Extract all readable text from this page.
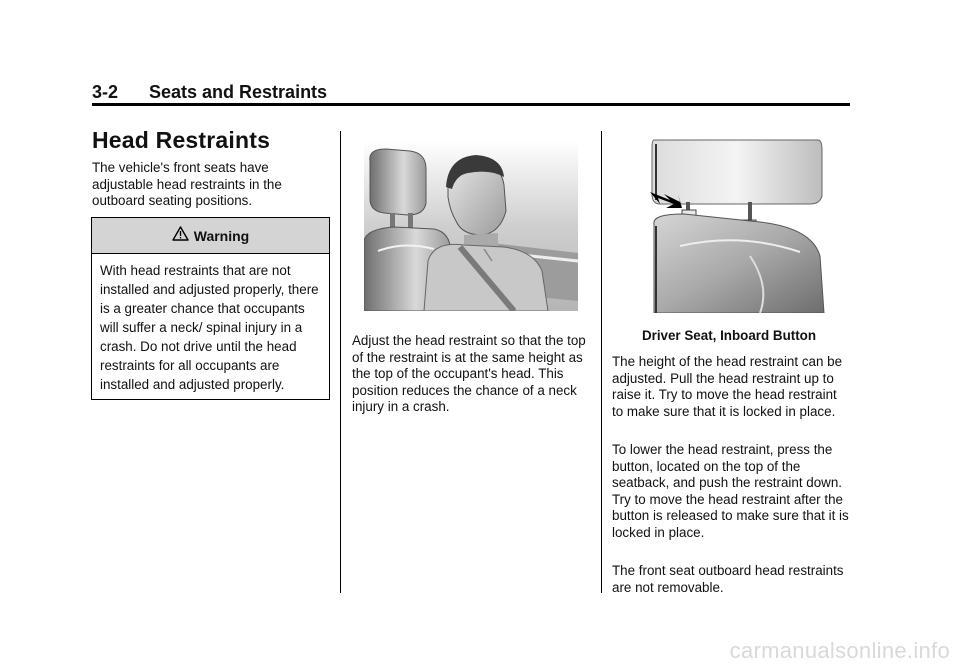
3-2 Seats and Restraints
Head Restraints
The vehicle's front seats have adjustable head restraints in the outboard seating positions.
Warning
With head restraints that are not installed and adjusted properly, there is a greater chance that occupants will suffer a neck/ spinal injury in a crash. Do not drive until the head restraints for all occupants are installed and adjusted properly.
Adjust the head restraint so that the top of the restraint is at the same height as the top of the occupant's head. This position reduces the chance of a neck injury in a crash.
Driver Seat, Inboard Button
The height of the head restraint can be adjusted. Pull the head restraint up to raise it. Try to move the head restraint to make sure that it is locked in place.
To lower the head restraint, press the button, located on the top of the seatback, and push the restraint down. Try to move the head restraint after the button is released to make sure that it is locked in place.
The front seat outboard head restraints are not removable.
carmanualsonline.info
